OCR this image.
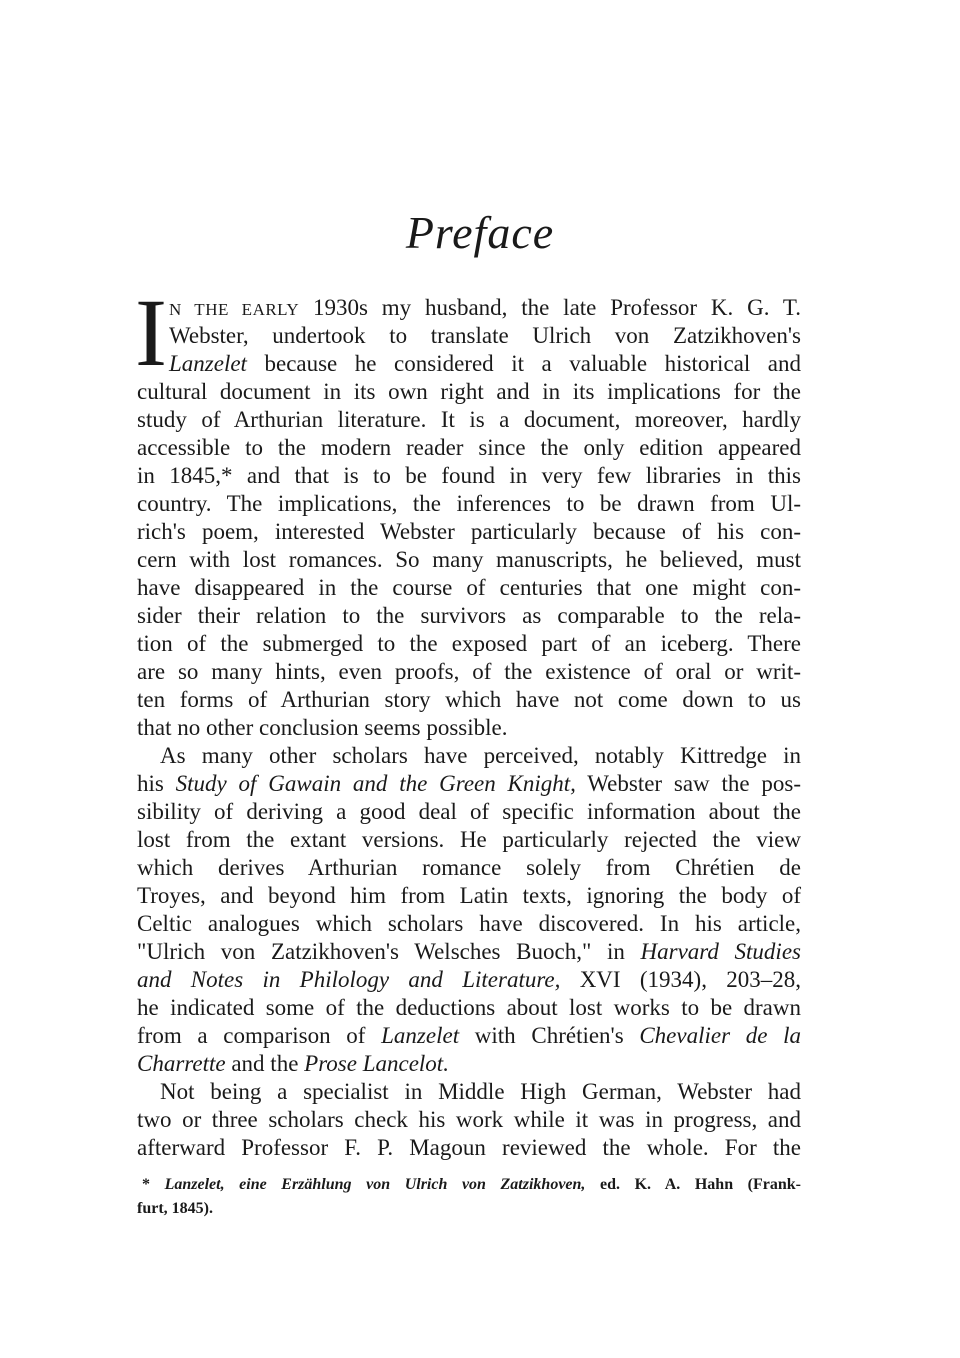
Preface
I N THE EARLY 1930s my husband, the late Professor K. G. T.
Webster, undertook to translate Ulrich von Zatzikhoven's
Lanzelet because he considered it a valuable historical and
cultural document in its own right and in its implications for the
study of Arthurian literature. It is a document, moreover, hardly
accessible to the modern reader since the only edition appeared
in 1845,* and that is to be found in very few libraries in this
country. The implications, the inferences to be drawn from Ul-
rich's poem, interested Webster particularly because of his con-
cern with lost romances. So many manuscripts, he believed, must
have disappeared in the course of centuries that one might con-
sider their relation to the survivors as comparable to the rela-
tion of the submerged to the exposed part of an iceberg. There
are so many hints, even proofs, of the existence of oral or writ-
ten forms of Arthurian story which have not come down to us
that no other conclusion seems possible.
As many other scholars have perceived, notably Kittredge in
his Study of Gawain and the Green Knight, Webster saw the pos-
sibility of deriving a good deal of specific information about the
lost from the extant versions. He particularly rejected the view
which derives Arthurian romance solely from Chrétien de
Troyes, and beyond him from Latin texts, ignoring the body of
Celtic analogues which scholars have discovered. In his article,
"Ulrich von Zatzikhoven's Welsches Buoch," in Harvard Studies
and Notes in Philology and Literature, XVI (1934), 203–28,
he indicated some of the deductions about lost works to be drawn
from a comparison of Lanzelet with Chrétien's Chevalier de la
Charrette and the Prose Lancelot.
Not being a specialist in Middle High German, Webster had
two or three scholars check his work while it was in progress, and
afterward Professor F. P. Magoun reviewed the whole. For the
* Lanzelet, eine Erzählung von Ulrich von Zatzikhoven, ed. K. A. Hahn (Frank-
furt, 1845).
